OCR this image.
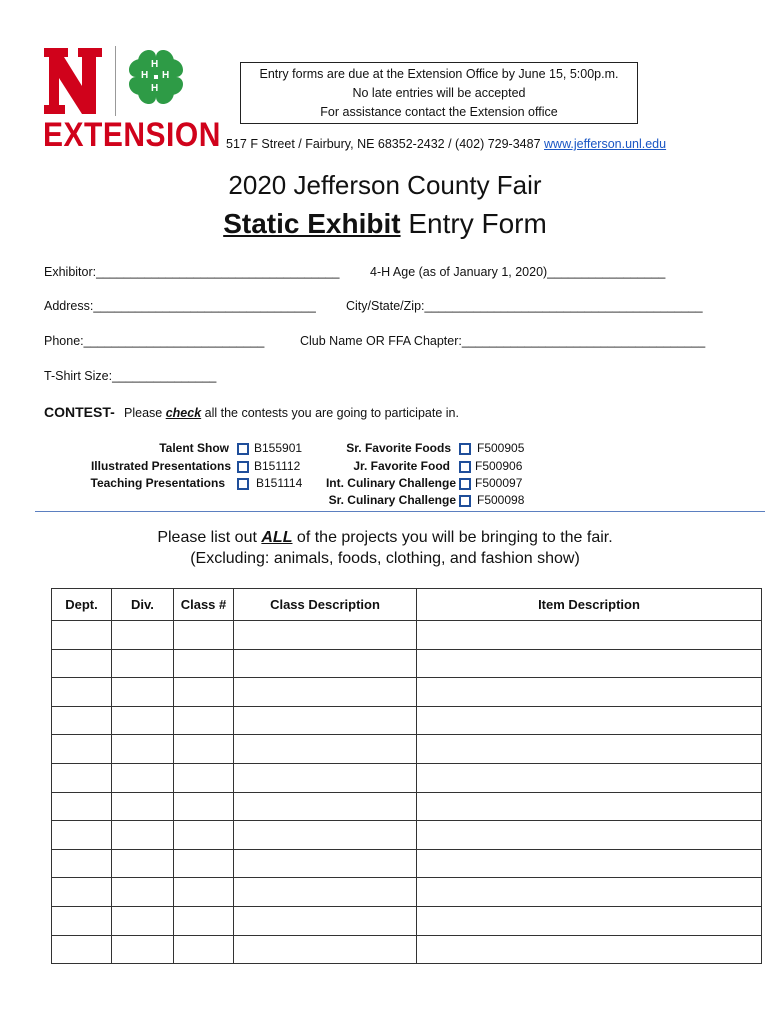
H
H
H
H
EXTENSION
Entry forms are due at the Extension Office by June 15, 5:00p.m.
No late entries will be accepted
For assistance contact the Extension office
517 F Street / Fairbury, NE 68352-2432 / (402) 729-3487 www.jefferson.unl.edu
2020 Jefferson County Fair
Static Exhibit Entry Form
Exhibitor:___________________________________ 4-H Age (as of January 1, 2020)_________________
Address:________________________________ City/State/Zip:________________________________________
Phone:__________________________	Club Name OR FFA Chapter:___________________________________
T-Shirt Size:_______________
CONTEST- Please check all the contests you are going to participate in.
Talent Show B155901
Illustrated Presentations B151112
Teaching Presentations	B151114
Sr. Favorite Foods F500905
Jr. Favorite Food F500906
Int. Culinary Challenge F500097
Sr. Culinary Challenge F500098
Please list out ALL of the projects you will be bringing to the fair.
(Excluding: animals, foods, clothing, and fashion show)
Dept.	Div.	Class #	Class Description	Item Description
